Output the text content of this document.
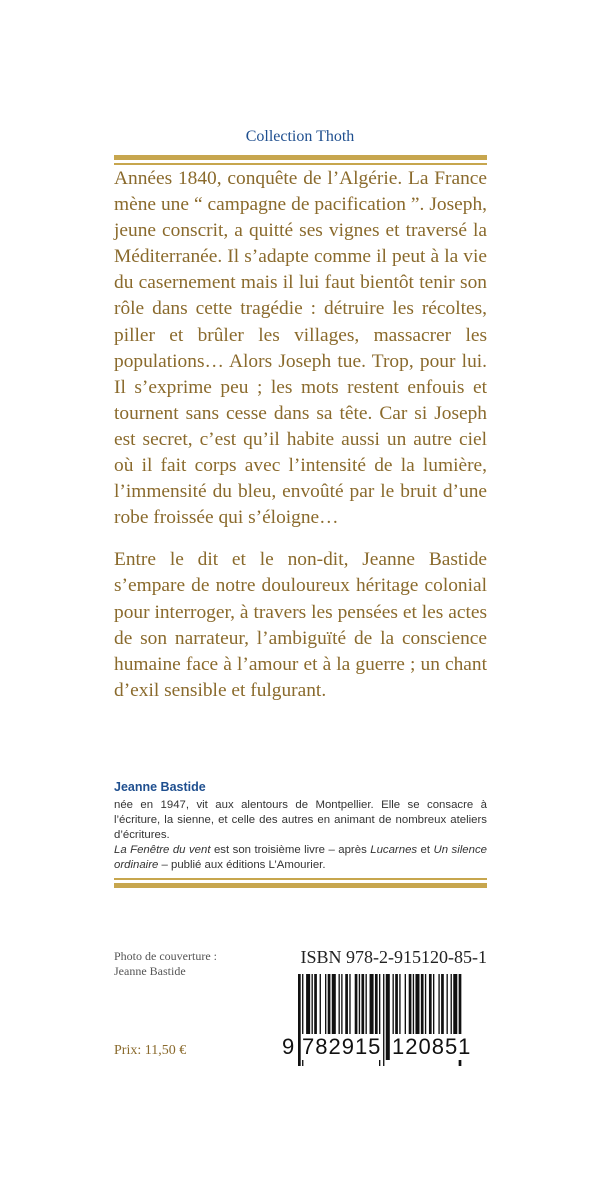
Collection Thoth

Années 1840, conquête de l’Algérie. La France mène une “ campagne de pacification ”. Joseph, jeune conscrit, a quitté ses vignes et traversé la Méditerranée. Il s’adapte comme il peut à la vie du casernement mais il lui faut bientôt tenir son rôle dans cette tragédie : détruire les récoltes, piller et brûler les villages, massacrer les populations… Alors Joseph tue. Trop, pour lui. Il s’exprime peu ; les mots restent enfouis et tournent sans cesse dans sa tête. Car si Joseph est secret, c’est qu’il habite aussi un autre ciel où il fait corps avec l’intensité de la lumière, l’immensité du bleu, envoûté par le bruit d’une robe froissée qui s’éloigne…

Entre le dit et le non-dit, Jeanne Bastide s’empare de notre douloureux héritage colonial pour interroger, à travers les pensées et les actes de son narrateur, l’ambiguïté de la conscience humaine face à l’amour et à la guerre ; un chant d’exil sensible et fulgurant.

Jeanne Bastide

née en 1947, vit aux alentours de Montpellier. Elle se consacre à l’écriture, la sienne, et celle des autres en animant de nombreux ateliers d’écritures.

La Fenêtre du vent est son troisième livre – après Lucarnes et Un silence ordinaire – publié aux éditions L’Amourier.

Photo de couverture :
Jeanne Bastide
Prix: 11,50 €
ISBN 978-2-915120-85-1
9 782915 120851
